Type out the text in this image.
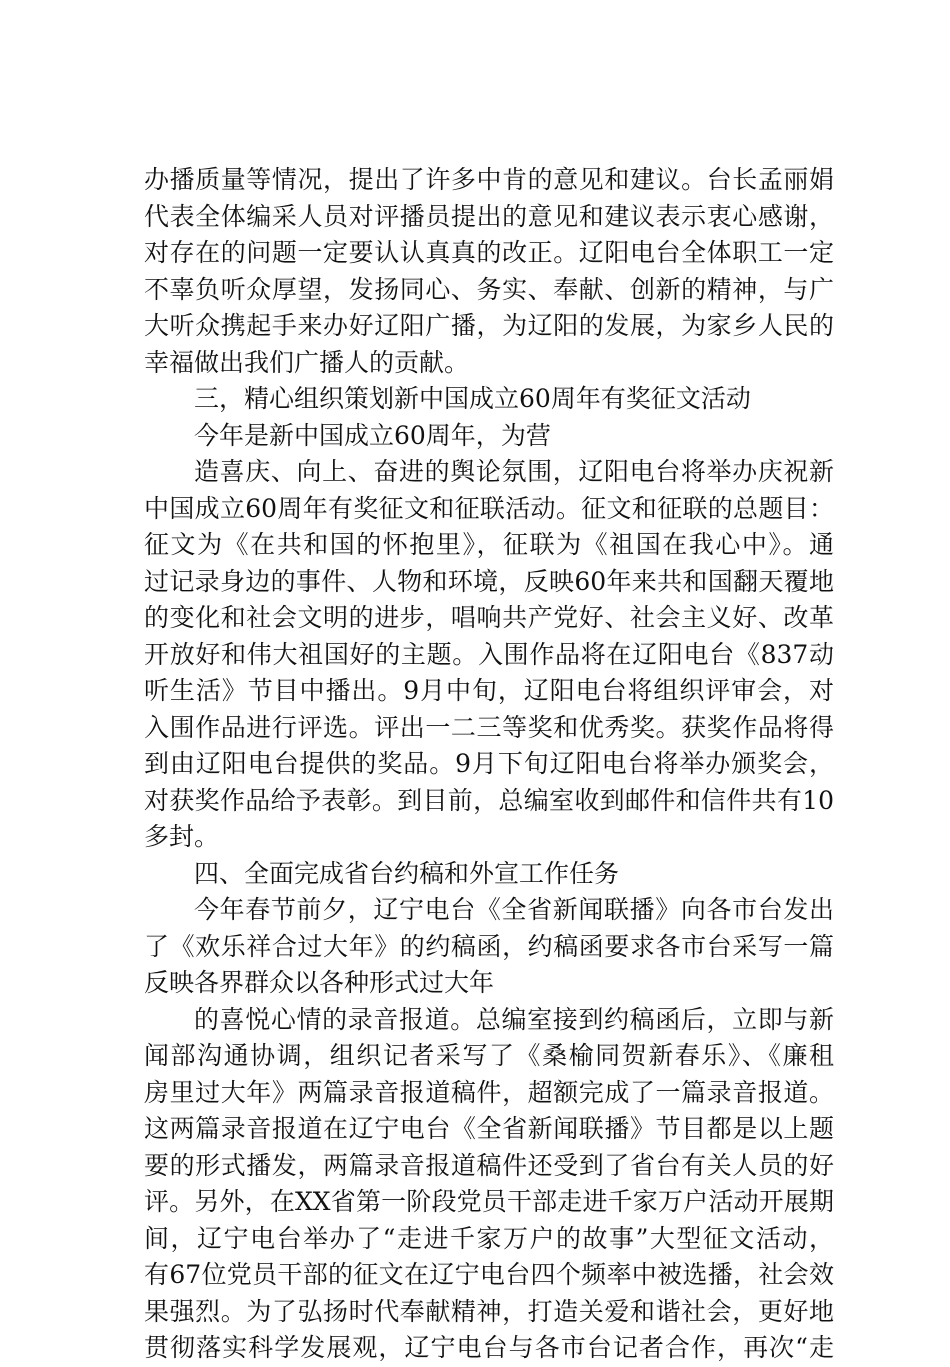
办播质量等情况，提出了许多中肯的意见和建议。台长孟丽娟
代表全体编采人员对评播员提出的意见和建议表示衷心感谢，
对存在的问题一定要认认真真的改正。辽阳电台全体职工一定
不辜负听众厚望，发扬同心、务实、奉献、创新的精神，与广
大听众携起手来办好辽阳广播，为辽阳的发展，为家乡人民的
幸福做出我们广播人的贡献。
三，精心组织策划新中国成立60周年有奖征文活动
今年是新中国成立60周年，为营
造喜庆、向上、奋进的舆论氛围，辽阳电台将举办庆祝新
中国成立60周年有奖征文和征联活动。征文和征联的总题目：
征文为《在共和国的怀抱里》，征联为《祖国在我心中》。通
过记录身边的事件、人物和环境，反映60年来共和国翻天覆地
的变化和社会文明的进步，唱响共产党好、社会主义好、改革
开放好和伟大祖国好的主题。入围作品将在辽阳电台《837动
听生活》节目中播出。9月中旬，辽阳电台将组织评审会，对
入围作品进行评选。评出一二三等奖和优秀奖。获奖作品将得
到由辽阳电台提供的奖品。9月下旬辽阳电台将举办颁奖会，
对获奖作品给予表彰。到目前，总编室收到邮件和信件共有10
多封。
四、全面完成省台约稿和外宣工作任务
今年春节前夕，辽宁电台《全省新闻联播》向各市台发出
了《欢乐祥合过大年》的约稿函，约稿函要求各市台采写一篇
反映各界群众以各种形式过大年
的喜悦心情的录音报道。总编室接到约稿函后，立即与新
闻部沟通协调，组织记者采写了《桑榆同贺新春乐》、《廉租
房里过大年》两篇录音报道稿件，超额完成了一篇录音报道。
这两篇录音报道在辽宁电台《全省新闻联播》节目都是以上题
要的形式播发，两篇录音报道稿件还受到了省台有关人员的好
评。另外，在XX省第一阶段党员干部走进千家万户活动开展期
间，辽宁电台举办了“走进千家万户的故事”大型征文活动，
有67位党员干部的征文在辽宁电台四个频率中被选播，社会效
果强烈。为了弘扬时代奉献精神，打造关爱和谐社会，更好地
贯彻落实科学发展观，辽宁电台与各市台记者合作，再次“走
